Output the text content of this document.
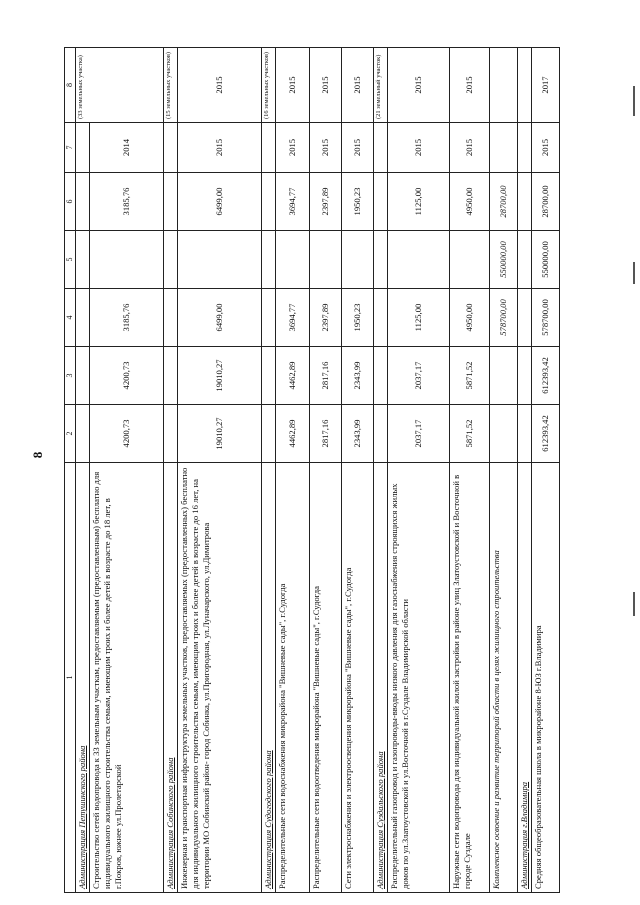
8
1	2	3	4	5	6	7	8
Администрация Петушинского района							(33 земельных участка)
Строительство сетей водопровода к 33 земельным участкам, предоставляемым (предоставленным) бесплатно для индивидуального жилищного строительства семьям, имеющим троих и более детей в возрасте до 18 лет, в г.Покров, южнее ул.Пролетарской	4200,73	4200,73	3185,76		3185,76	2014	

Администрация Собинского района							(15 земельных участков)
Инженерная и транспортная инфраструктура земельных участков, предоставляемых (предоставленных) бесплатно для индивидуального жилищного строительства семьям, имеющим троих и более детей в возрасте до 16 лет, на территории МО Собинский район- город Собинка, ул.Пригородная, ул.Луначарского, ул.Димитрова	19010,27	19010,27	6499,00		6499,00	2015	2015
Администрация Судогодского района							(16 земельных участков)
Распределительные сети водоснабжения микрорайона "Вишневые сады", г.Судогда	4462,89	4462,89	3694,77		3694,77	2015	2015
Распределительные сети водоотведения микрорайона "Вишневые сады", г.Судогда	2817,16	2817,16	2397,89		2397,89	2015	2015
Сети электроснабжения и электроосвещения микрорайона "Вишневые сады", г.Судогда	2343,99	2343,99	1950,23		1950,23	2015	2015
Администрация Суздальского района							(21 земельный участок)
Распределительный газопровод и газопроводы-вводы низкого давления для газоснабжения строящихся жилых домов по ул.Златоустовской и ул.Восточной в г.Суздале Владимирской области	2037,17	2037,17	1125,00		1125,00	2015	2015
Наружные сети водопровода для индивидуальной жилой застройки в районе улиц Златоустовской и Восточной в городе Суздале	5871,52	5871,52	4950,00		4950,00	2015	2015
Комплексное освоение и развитие территорий области в целях жилищного строительства			578700,00	550000,00	28700,00		
Администрация г.Владимира							
Средняя общеобразовательная школа в микрорайоне 8-ЮЗ г.Владимира	612393,42	612393,42	578700,00	550000,00	28700,00	2015	2017
